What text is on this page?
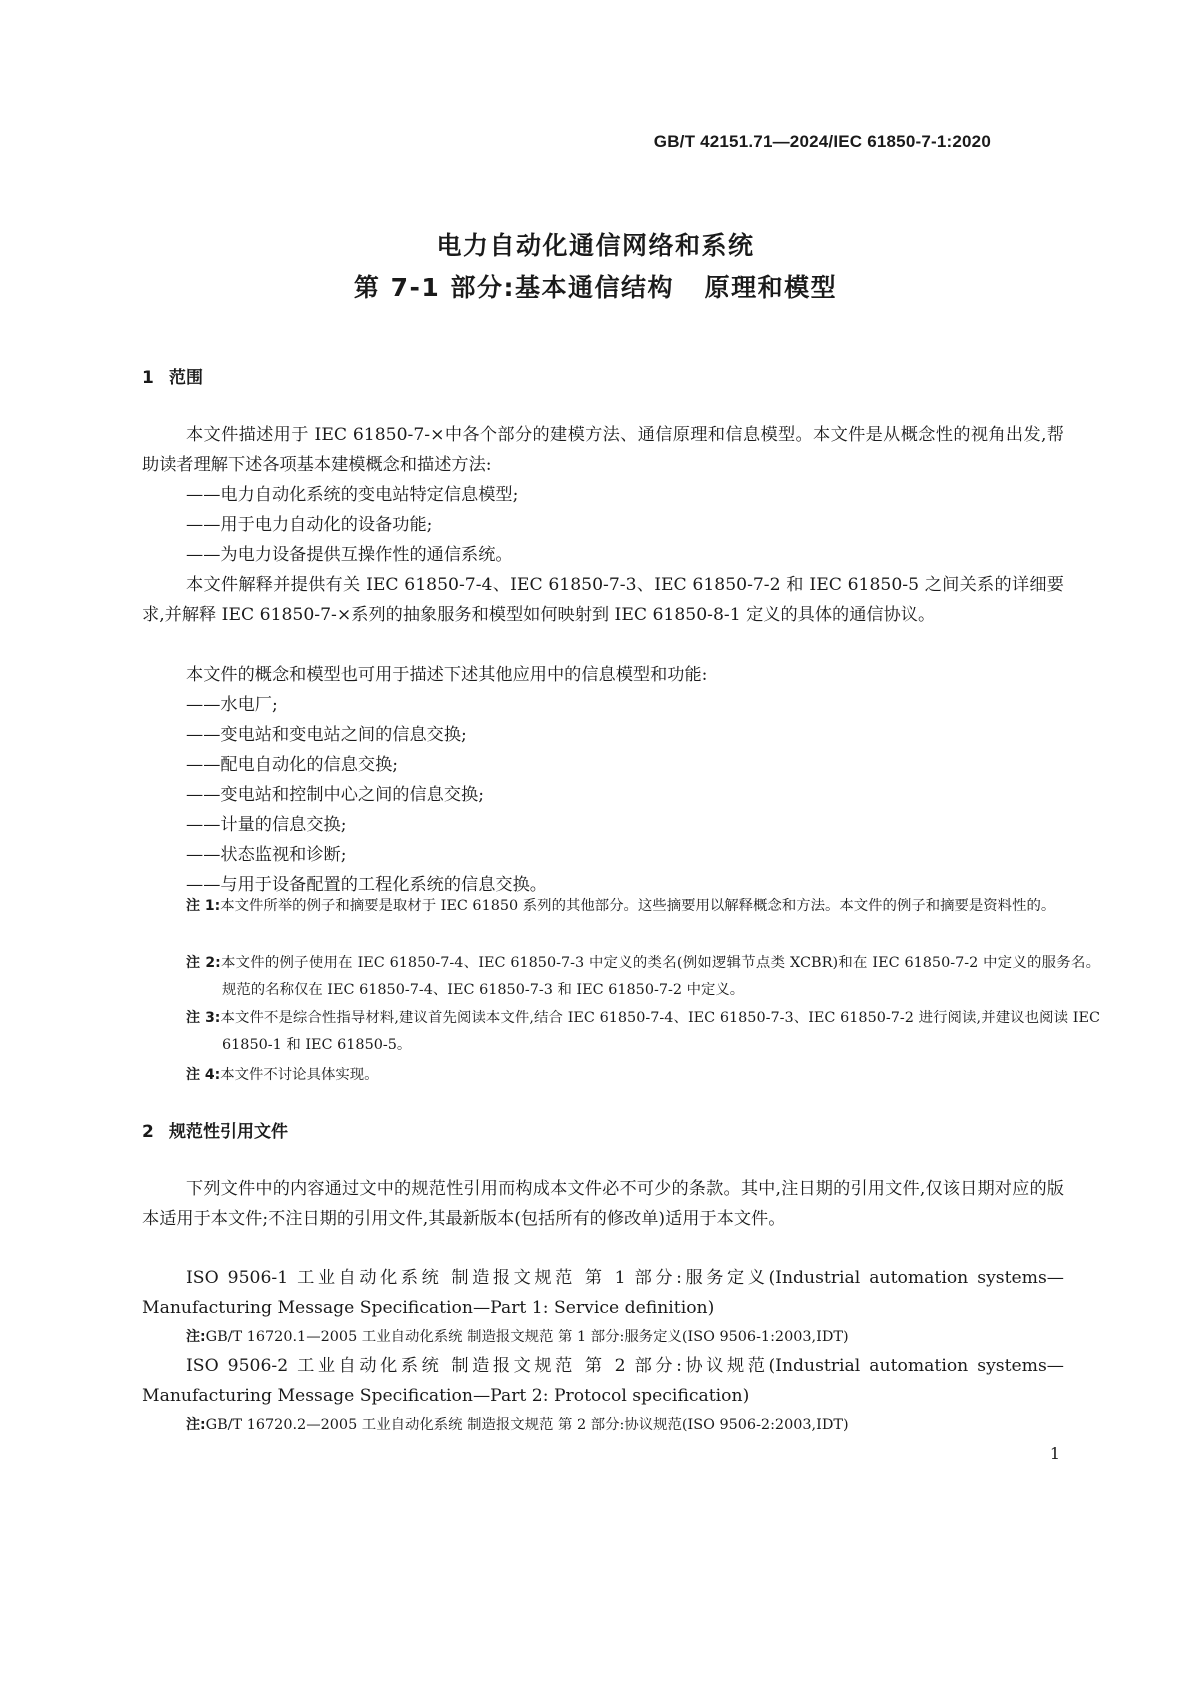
GB/T 42151.71—2024/IEC 61850-7-1:2020
电力自动化通信网络和系统
第 7-1 部分:基本通信结构   原理和模型
1 范围
本文件描述用于 IEC 61850-7-×中各个部分的建模方法、通信原理和信息模型。本文件是从概念性的视角出发,帮助读者理解下述各项基本建模概念和描述方法:
——电力自动化系统的变电站特定信息模型;
——用于电力自动化的设备功能;
——为电力设备提供互操作性的通信系统。
本文件解释并提供有关 IEC 61850-7-4、IEC 61850-7-3、IEC 61850-7-2 和 IEC 61850-5 之间关系的详细要求,并解释 IEC 61850-7-×系列的抽象服务和模型如何映射到 IEC 61850-8-1 定义的具体的通信协议。
本文件的概念和模型也可用于描述下述其他应用中的信息模型和功能:
——水电厂;
——变电站和变电站之间的信息交换;
——配电自动化的信息交换;
——变电站和控制中心之间的信息交换;
——计量的信息交换;
——状态监视和诊断;
——与用于设备配置的工程化系统的信息交换。
注 1:本文件所举的例子和摘要是取材于 IEC 61850 系列的其他部分。这些摘要用以解释概念和方法。本文件的例子和摘要是资料性的。
注 2:本文件的例子使用在 IEC 61850-7-4、IEC 61850-7-3 中定义的类名(例如逻辑节点类 XCBR)和在 IEC 61850-7-2 中定义的服务名。规范的名称仅在 IEC 61850-7-4、IEC 61850-7-3 和 IEC 61850-7-2 中定义。
注 3:本文件不是综合性指导材料,建议首先阅读本文件,结合 IEC 61850-7-4、IEC 61850-7-3、IEC 61850-7-2 进行阅读,并建议也阅读 IEC 61850-1 和 IEC 61850-5。
注 4:本文件不讨论具体实现。
2 规范性引用文件
下列文件中的内容通过文中的规范性引用而构成本文件必不可少的条款。其中,注日期的引用文件,仅该日期对应的版本适用于本文件;不注日期的引用文件,其最新版本(包括所有的修改单)适用于本文件。
ISO 9506-1 工业自动化系统 制造报文规范 第 1 部分:服务定义(Industrial automation systems—Manufacturing Message Specification—Part 1: Service definition)
注:GB/T 16720.1—2005 工业自动化系统 制造报文规范 第 1 部分:服务定义(ISO 9506-1:2003,IDT)
ISO 9506-2 工业自动化系统 制造报文规范 第 2 部分:协议规范(Industrial automation systems—Manufacturing Message Specification—Part 2: Protocol specification)
注:GB/T 16720.2—2005 工业自动化系统 制造报文规范 第 2 部分:协议规范(ISO 9506-2:2003,IDT)
1
